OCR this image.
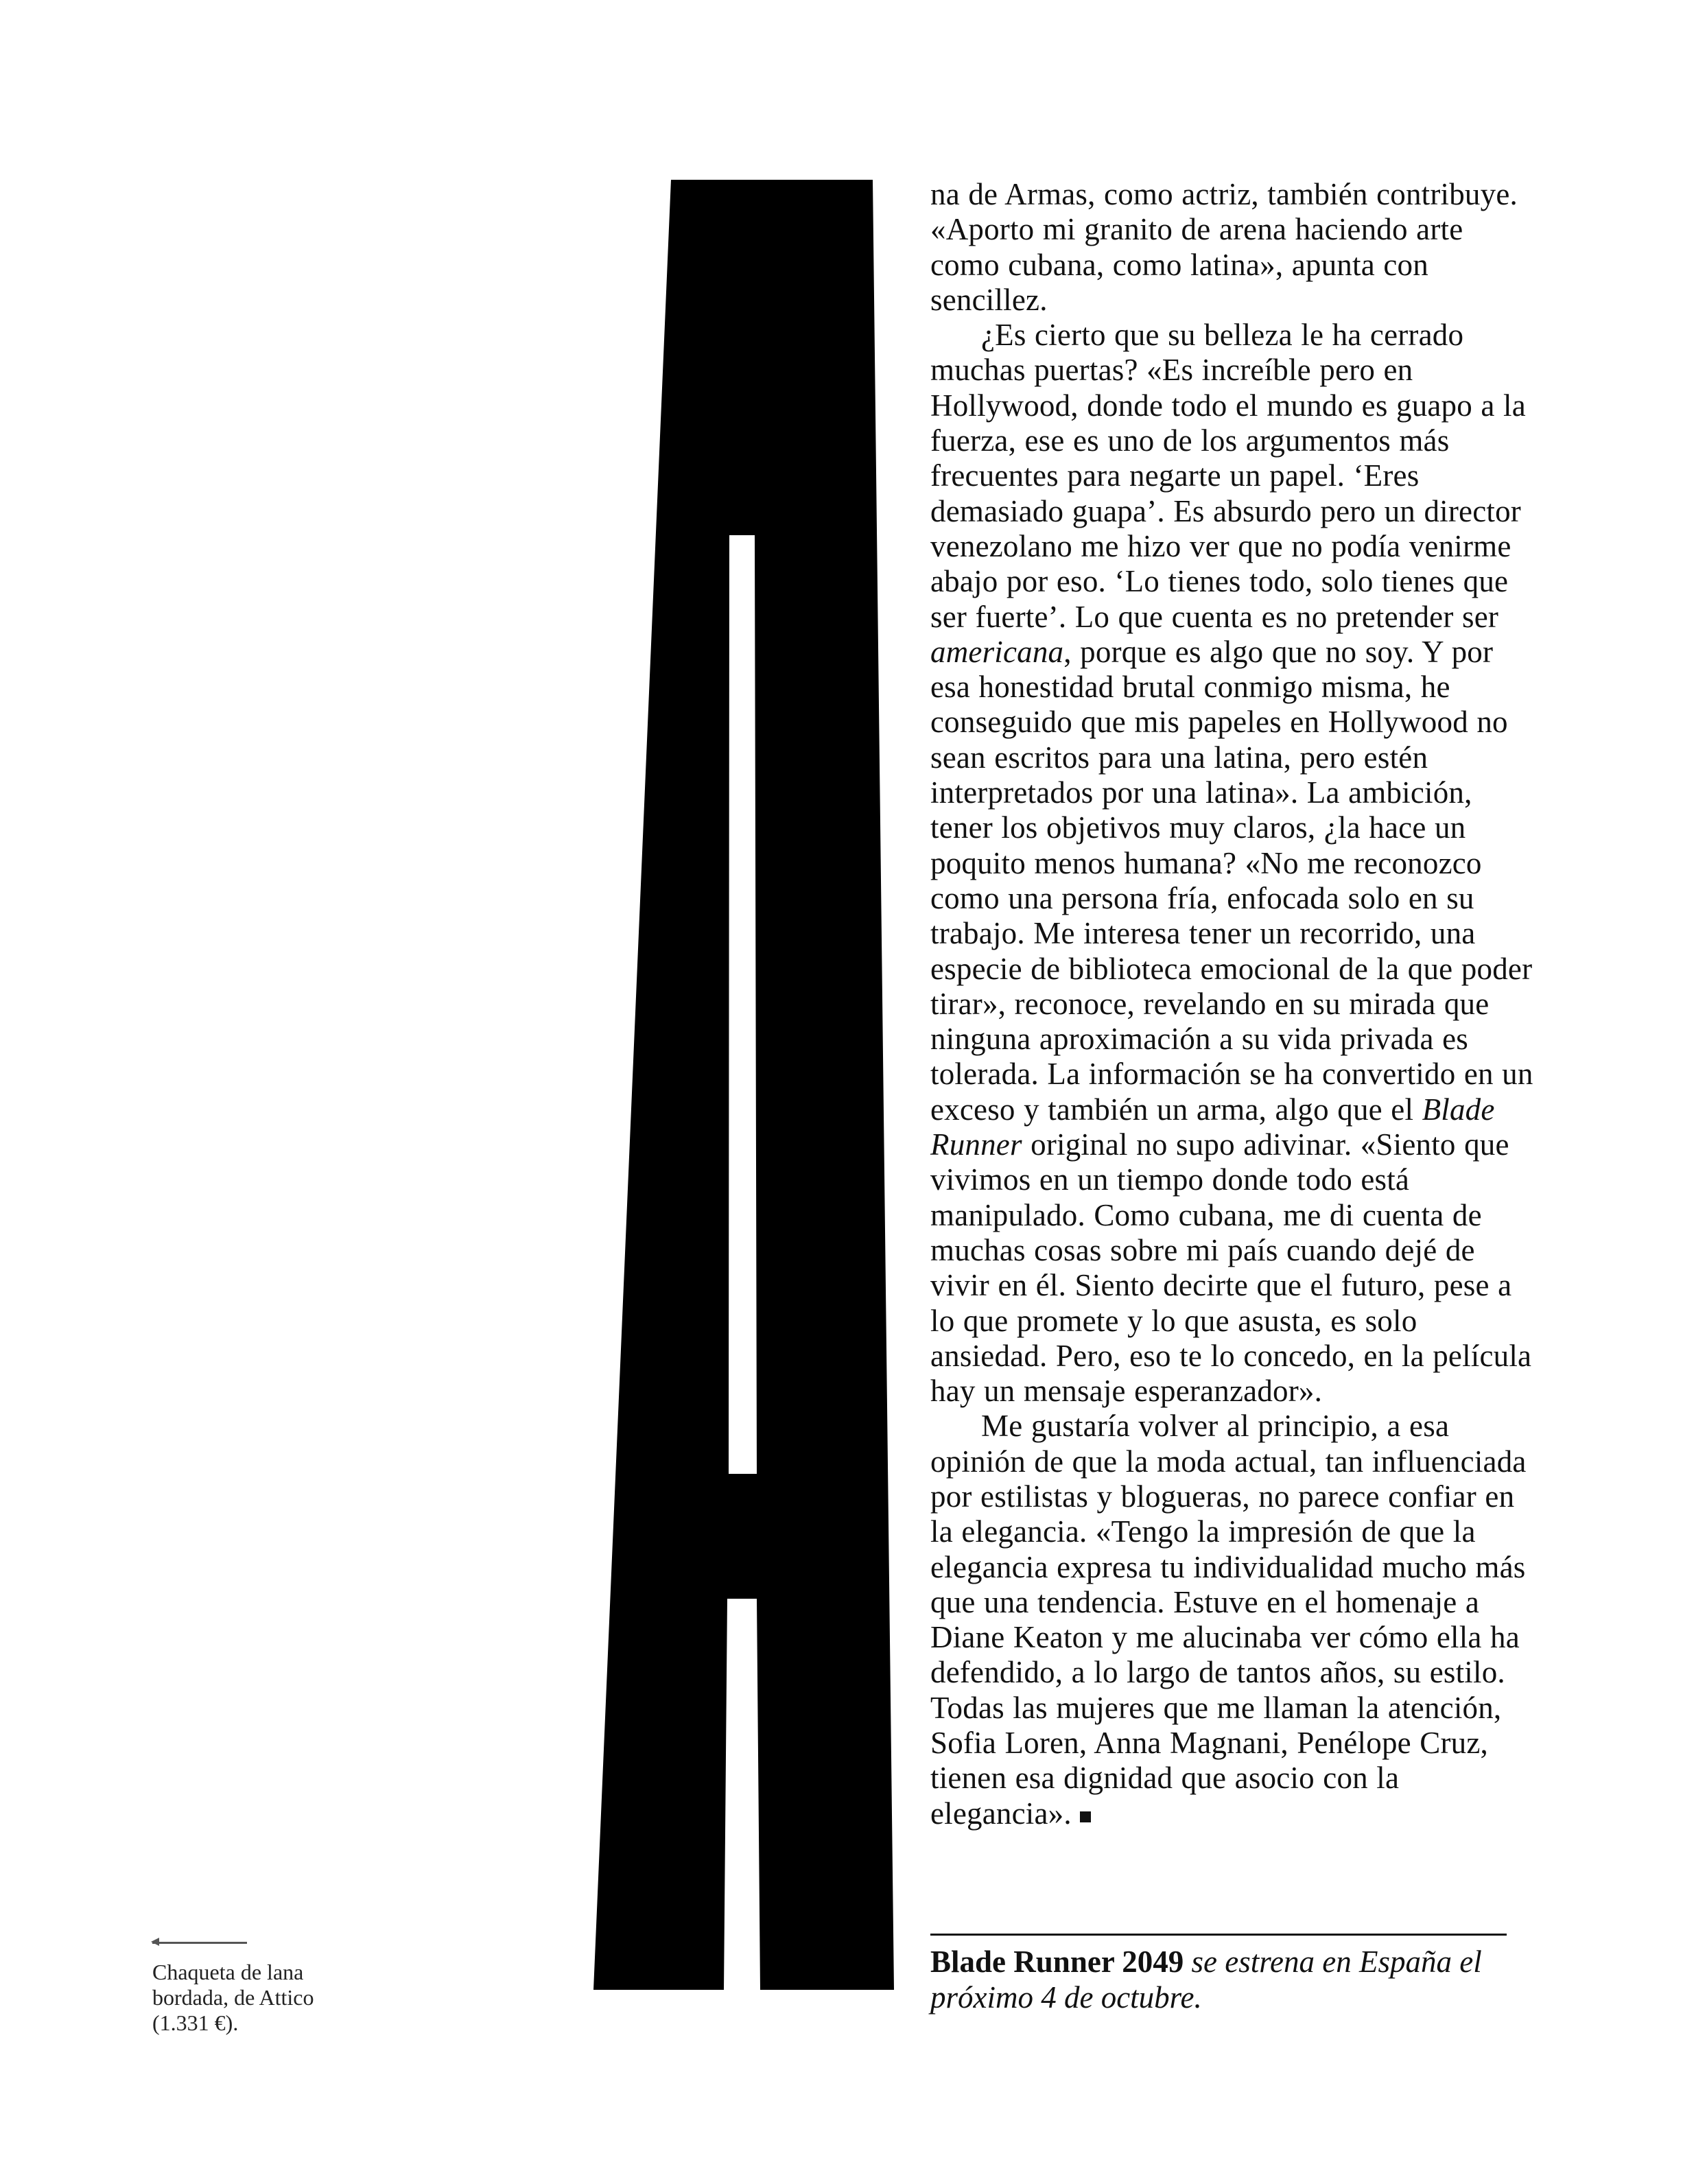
na de Armas, como actriz, también contribuye. «Aporto mi granito de arena haciendo arte como cubana, como latina», apunta con sencillez.

¿Es cierto que su belleza le ha cerrado muchas puertas? «Es increíble pero en Hollywood, donde todo el mundo es guapo a la fuerza, ese es uno de los argumentos más frecuentes para negarte un papel. ‘Eres demasiado guapa’. Es absurdo pero un director venezolano me hizo ver que no podía venirme abajo por eso. ‘Lo tienes todo, solo tienes que ser fuerte’. Lo que cuenta es no pretender ser americana, porque es algo que no soy. Y por esa honestidad brutal conmigo misma, he conseguido que mis papeles en Hollywood no sean escritos para una latina, pero estén interpretados por una latina». La ambición, tener los objetivos muy claros, ¿la hace un poquito menos humana? «No me reconozco como una persona fría, enfocada solo en su trabajo. Me interesa tener un recorrido, una especie de biblioteca emocional de la que poder tirar», reconoce, revelando en su mirada que ninguna aproximación a su vida privada es tolerada. La información se ha convertido en un exceso y también un arma, algo que el Blade Runner original no supo adivinar. «Siento que vivimos en un tiempo donde todo está manipulado. Como cubana, me di cuenta de muchas cosas sobre mi país cuando dejé de vivir en él. Siento decirte que el futuro, pese a lo que promete y lo que asusta, es solo ansiedad. Pero, eso te lo concedo, en la película hay un mensaje esperanzador».

Me gustaría volver al principio, a esa opinión de que la moda actual, tan influenciada por estilistas y blogueras, no parece confiar en la elegancia. «Tengo la impresión de que la elegancia expresa tu individualidad mucho más que una tendencia. Estuve en el homenaje a Diane Keaton y me alucinaba ver cómo ella ha defendido, a lo largo de tantos años, su estilo. Todas las mujeres que me llaman la atención, Sofia Loren, Anna Magnani, Penélope Cruz, tienen esa dignidad que asocio con la elegancia».

Blade Runner 2049 se estrena en España el próximo 4 de octubre.

Chaqueta de lana
bordada, de Attico
(1.331 €).
